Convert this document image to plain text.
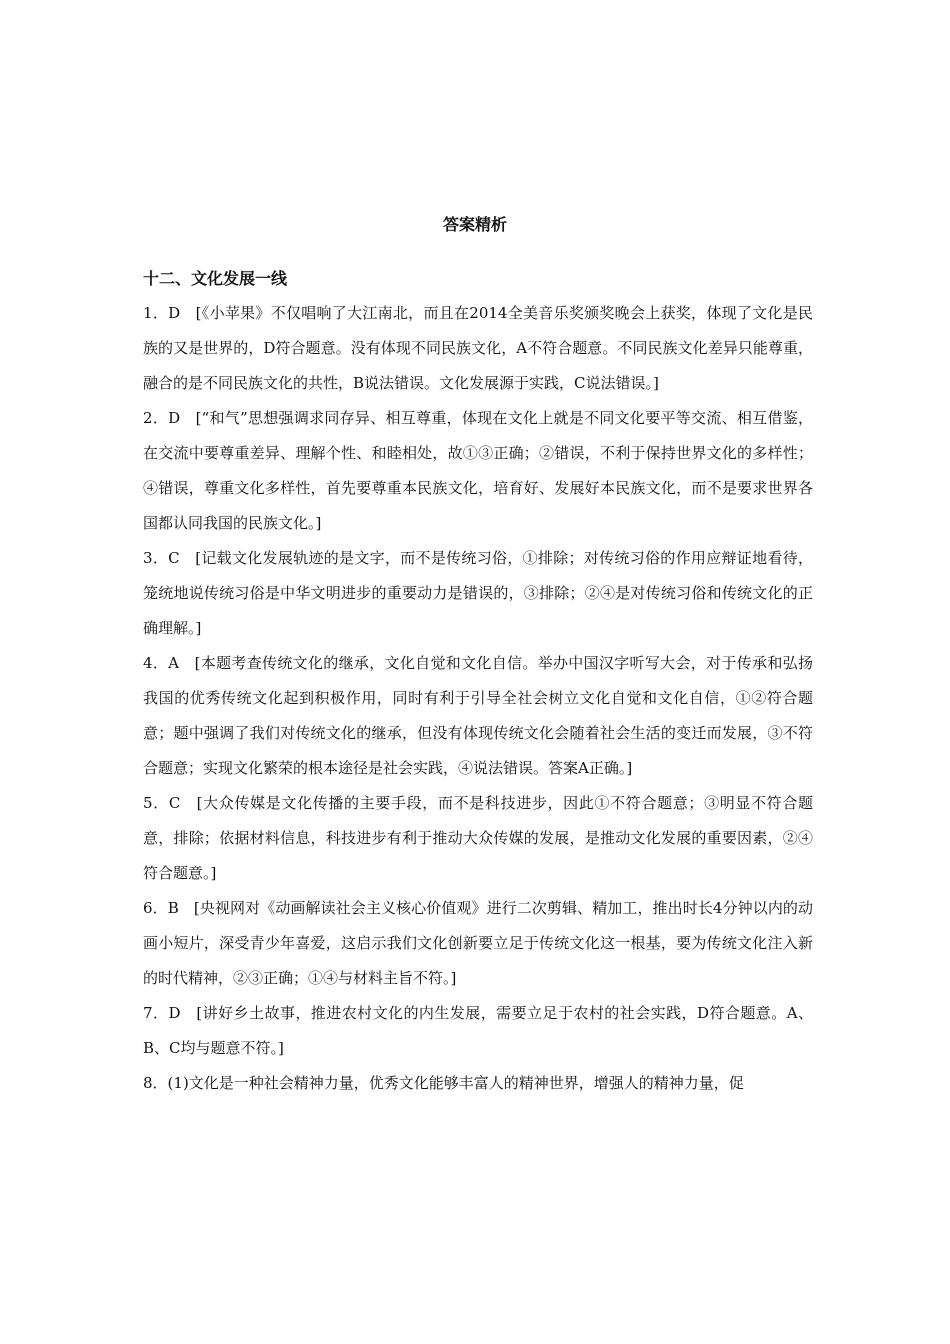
答案精析
十二、文化发展一线

1．D　[《小苹果》不仅唱响了大江南北，而且在2014全美音乐奖颁奖晚会上获奖，体现了文化是民族的又是世界的，D符合题意。没有体现不同民族文化，A不符合题意。不同民族文化差异只能尊重，融合的是不同民族文化的共性，B说法错误。文化发展源于实践，C说法错误。]

2．D　[“和气”思想强调求同存异、相互尊重，体现在文化上就是不同文化要平等交流、相互借鉴，在交流中要尊重差异、理解个性、和睦相处，故①③正确；②错误，不利于保持世界文化的多样性；④错误，尊重文化多样性，首先要尊重本民族文化，培育好、发展好本民族文化，而不是要求世界各国都认同我国的民族文化。]

3．C　[记载文化发展轨迹的是文字，而不是传统习俗，①排除；对传统习俗的作用应辩证地看待，笼统地说传统习俗是中华文明进步的重要动力是错误的，③排除；②④是对传统习俗和传统文化的正确理解。]

4．A　[本题考查传统文化的继承，文化自觉和文化自信。举办中国汉字听写大会，对于传承和弘扬我国的优秀传统文化起到积极作用，同时有利于引导全社会树立文化自觉和文化自信，①②符合题意；题中强调了我们对传统文化的继承，但没有体现传统文化会随着社会生活的变迁而发展，③不符合题意；实现文化繁荣的根本途径是社会实践，④说法错误。答案A正确。]

5．C　[大众传媒是文化传播的主要手段，而不是科技进步，因此①不符合题意；③明显不符合题意，排除；依据材料信息，科技进步有利于推动大众传媒的发展，是推动文化发展的重要因素，②④符合题意。]

6．B　[央视网对《动画解读社会主义核心价值观》进行二次剪辑、精加工，推出时长4分钟以内的动画小短片，深受青少年喜爱，这启示我们文化创新要立足于传统文化这一根基，要为传统文化注入新的时代精神，②③正确；①④与材料主旨不符。]

7．D　[讲好乡土故事，推进农村文化的内生发展，需要立足于农村的社会实践，D符合题意。A、B、C均与题意不符。]

8．(1)文化是一种社会精神力量，优秀文化能够丰富人的精神世界，增强人的精神力量，促
